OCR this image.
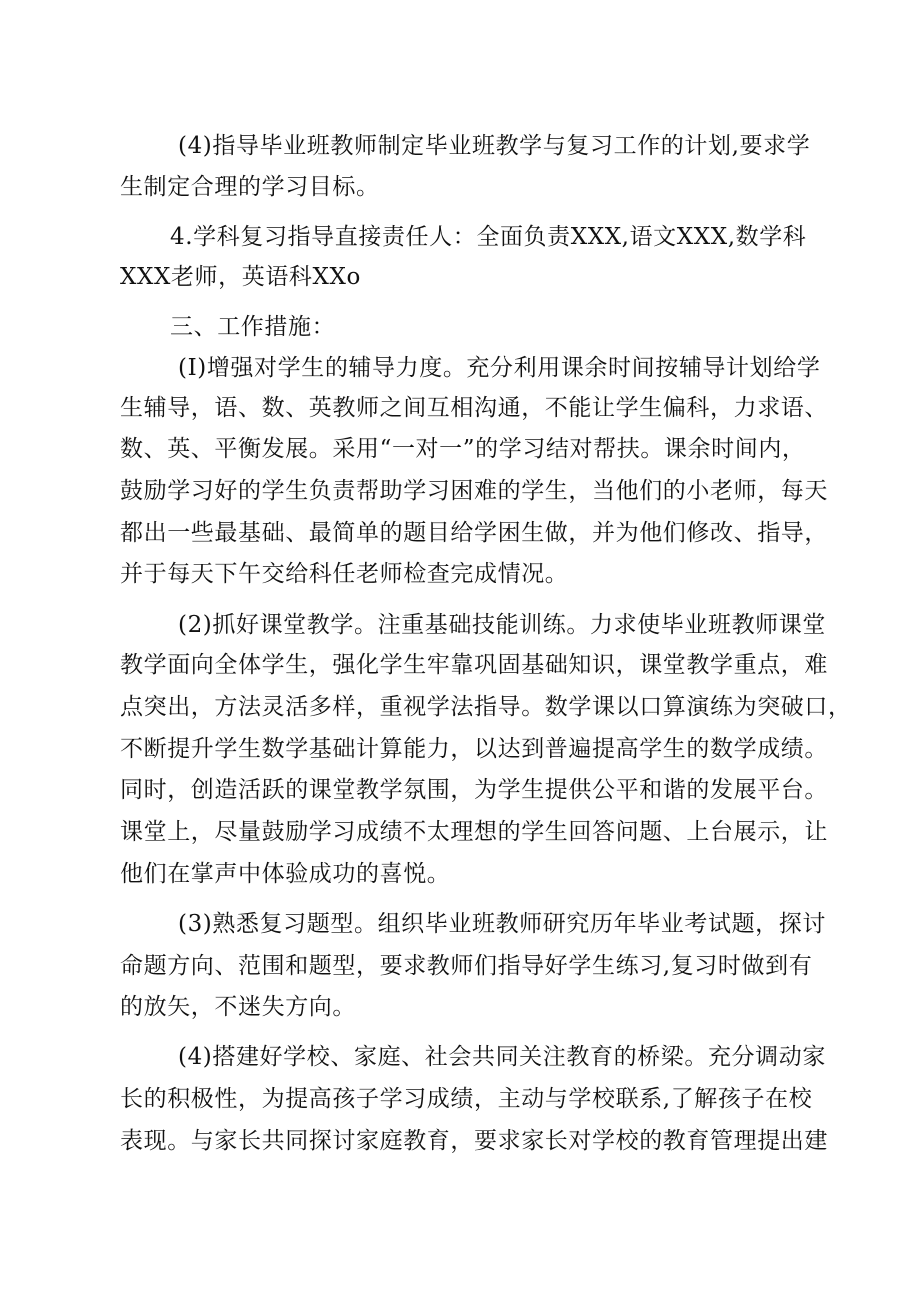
(4)指导毕业班教师制定毕业班教学与复习工作的计划,要求学
生制定合理的学习目标。
4.学科复习指导直接责任人：全面负责XXX,语文XXX,数学科
XXX老师，英语科XXo
三、工作措施：
(I)增强对学生的辅导力度。充分利用课余时间按辅导计划给学
生辅导，语、数、英教师之间互相沟通，不能让学生偏科，力求语、
数、英、平衡发展。采用“一对一”的学习结对帮扶。课余时间内，
鼓励学习好的学生负责帮助学习困难的学生，当他们的小老师，每天
都出一些最基础、最简单的题目给学困生做，并为他们修改、指导，
并于每天下午交给科任老师检查完成情况。
(2)抓好课堂教学。注重基础技能训练。力求使毕业班教师课堂
教学面向全体学生，强化学生牢靠巩固基础知识，课堂教学重点，难
点突出，方法灵活多样，重视学法指导。数学课以口算演练为突破口，
不断提升学生数学基础计算能力，以达到普遍提高学生的数学成绩。
同时，创造活跃的课堂教学氛围，为学生提供公平和谐的发展平台。
课堂上，尽量鼓励学习成绩不太理想的学生回答问题、上台展示，让
他们在掌声中体验成功的喜悦。
(3)熟悉复习题型。组织毕业班教师研究历年毕业考试题，探讨
命题方向、范围和题型，要求教师们指导好学生练习,复习时做到有
的放矢，不迷失方向。
(4)搭建好学校、家庭、社会共同关注教育的桥梁。充分调动家
长的积极性，为提高孩子学习成绩，主动与学校联系,了解孩子在校
表现。与家长共同探讨家庭教育，要求家长对学校的教育管理提出建
